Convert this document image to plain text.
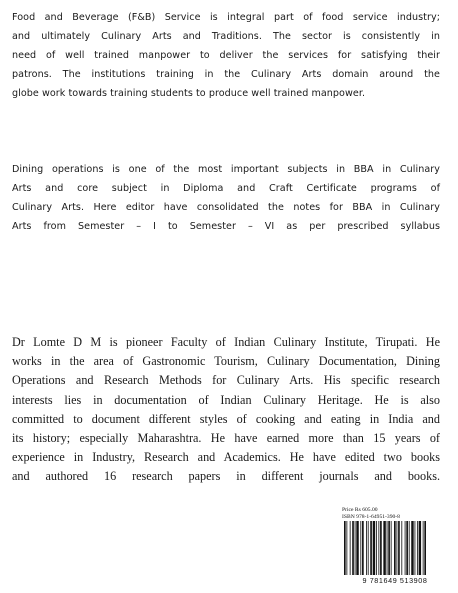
Food and Beverage (F&B) Service is integral part of food service industry;
and ultimately Culinary Arts and Traditions. The sector is consistently in
need of well trained manpower to deliver the services for satisfying their
patrons. The institutions training in the Culinary Arts domain around the
globe work towards training students to produce well trained manpower.
Dining operations is one of the most important subjects in BBA in Culinary
Arts and core subject in Diploma and Craft Certificate programs of
Culinary Arts. Here editor have consolidated the notes for BBA in Culinary
Arts from Semester – I to Semester – VI as per prescribed syllabus
Dr Lomte D M is pioneer Faculty of Indian Culinary Institute, Tirupati. He
works in the area of Gastronomic Tourism, Culinary Documentation, Dining
Operations and Research Methods for Culinary Arts. His specific research
interests lies in documentation of Indian Culinary Heritage. He is also
committed to document different styles of cooking and eating in India and
its history; especially Maharashtra. He have earned more than 15 years of
experience in Industry, Research and Academics. He have edited two books
and authored 16 research papers in different journals and books.
Price Rs 605.00
ISBN 978-1-64951-390-8
9 781649 513908
